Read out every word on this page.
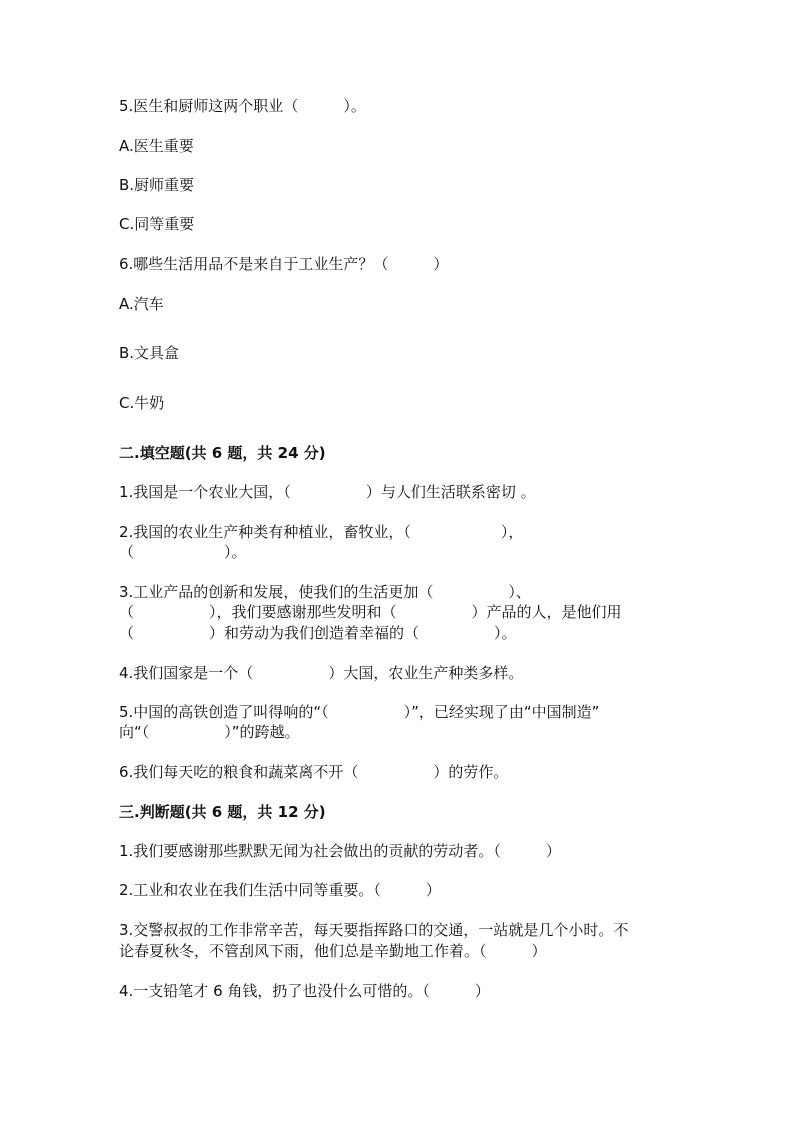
5.医生和厨师这两个职业（　　　）。
A.医生重要
B.厨师重要
C.同等重要
6.哪些生活用品不是来自于工业生产？（　　　）
A.汽车
B.文具盒
C.牛奶
二.填空题(共 6 题，共 24 分)
1.我国是一个农业大国，（　　　　　）与人们生活联系密切 。
2.我国的农业生产种类有种植业，畜牧业，（　　　　　　），
（　　　　　　）。
3.工业产品的创新和发展，使我们的生活更加（　　　　　）、
（　　　　　），我们要感谢那些发明和（　　　　　）产品的人，是他们用
（　　　　　）和劳动为我们创造着幸福的（　　　　　）。
4.我们国家是一个（　　　　　）大国，农业生产种类多样。
5.中国的高铁创造了叫得响的“（　　　　　）”，已经实现了由“中国制造”
向“（　　　　　）”的跨越。
6.我们每天吃的粮食和蔬菜离不开（　　　　　）的劳作。
三.判断题(共 6 题，共 12 分)
1.我们要感谢那些默默无闻为社会做出的贡献的劳动者。（　　　）
2.工业和农业在我们生活中同等重要。（　　　）
3.交警叔叔的工作非常辛苦，每天要指挥路口的交通，一站就是几个小时。不
论春夏秋冬，不管刮风下雨，他们总是辛勤地工作着。（　　　）
4.一支铅笔才 6 角钱，扔了也没什么可惜的。（　　　）
